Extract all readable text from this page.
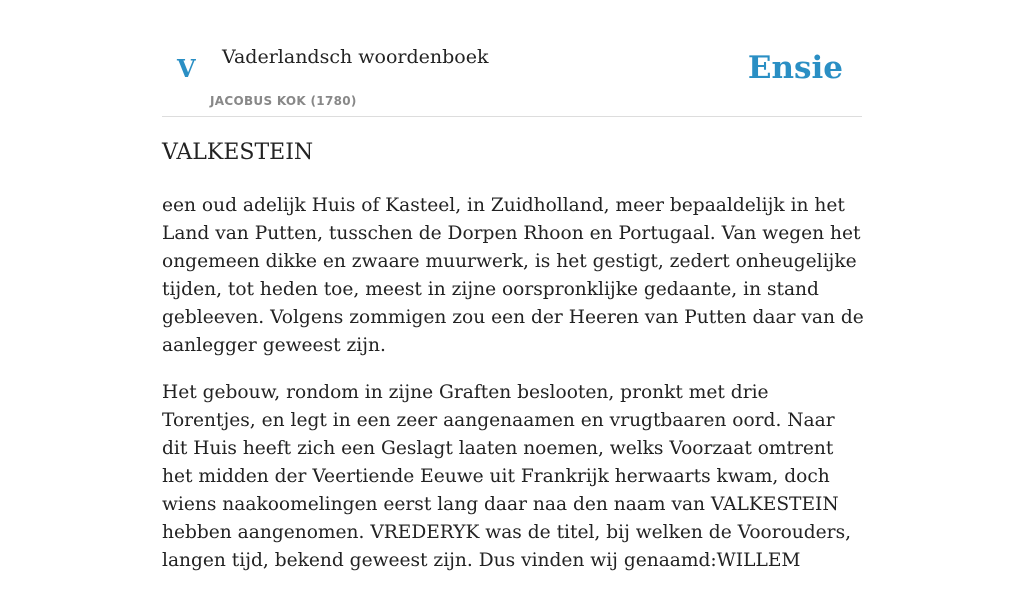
V Vaderlandsch woordenboek
JACOBUS KOK (1780)
Ensie
VALKESTEIN

een oud adelijk Huis of Kasteel, in Zuidholland, meer bepaaldelijk in het Land van Putten, tusschen de Dorpen Rhoon en Portugaal. Van wegen het ongemeen dikke en zwaare muurwerk, is het gestigt, zedert onheugelijke tijden, tot heden toe, meest in zijne oorspronklijke gedaante, in stand gebleeven. Volgens zommigen zou een der Heeren van Putten daar van de aanlegger geweest zijn.

Het gebouw, rondom in zijne Graften beslooten, pronkt met drie Torentjes, en legt in een zeer aangenaamen en vrugtbaaren oord. Naar dit Huis heeft zich een Geslagt laaten noemen, welks Voorzaat omtrent het midden der Veertiende Eeuwe uit Frankrijk herwaarts kwam, doch wiens naakoomelingen eerst lang daar naa den naam van VALKESTEIN hebben aangenomen. VREDERYK was de titel, bij welken de Voorouders, langen tijd, bekend geweest zijn. Dus vinden wij genaamd:WILLEM
